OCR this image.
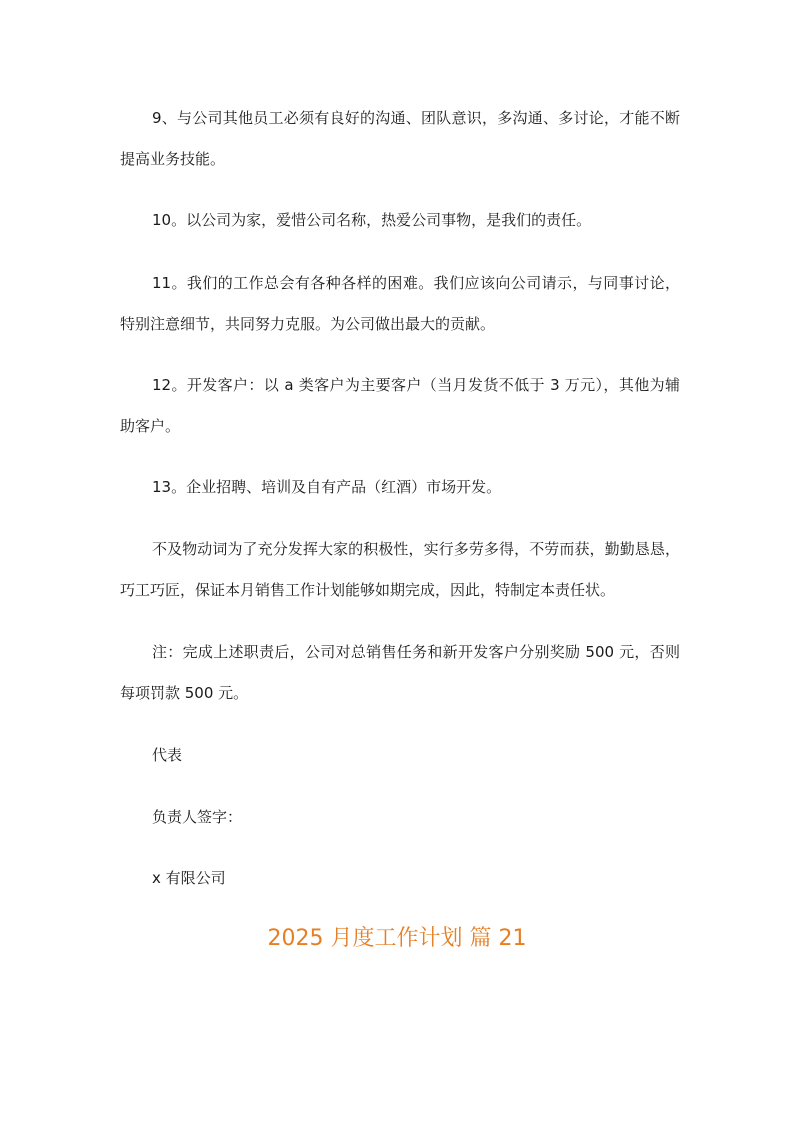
9、与公司其他员工必须有良好的沟通、团队意识，多沟通、多讨论，才能不断提高业务技能。

10。以公司为家，爱惜公司名称，热爱公司事物，是我们的责任。

11。我们的工作总会有各种各样的困难。我们应该向公司请示，与同事讨论，特别注意细节，共同努力克服。为公司做出最大的贡献。

12。开发客户：以 a 类客户为主要客户（当月发货不低于 3 万元），其他为辅助客户。

13。企业招聘、培训及自有产品（红酒）市场开发。

不及物动词为了充分发挥大家的积极性，实行多劳多得，不劳而获，勤勤恳恳，巧工巧匠，保证本月销售工作计划能够如期完成，因此，特制定本责任状。

注：完成上述职责后，公司对总销售任务和新开发客户分别奖励 500 元，否则每项罚款 500 元。

代表

负责人签字：

x 有限公司

2025 月度工作计划 篇 21
